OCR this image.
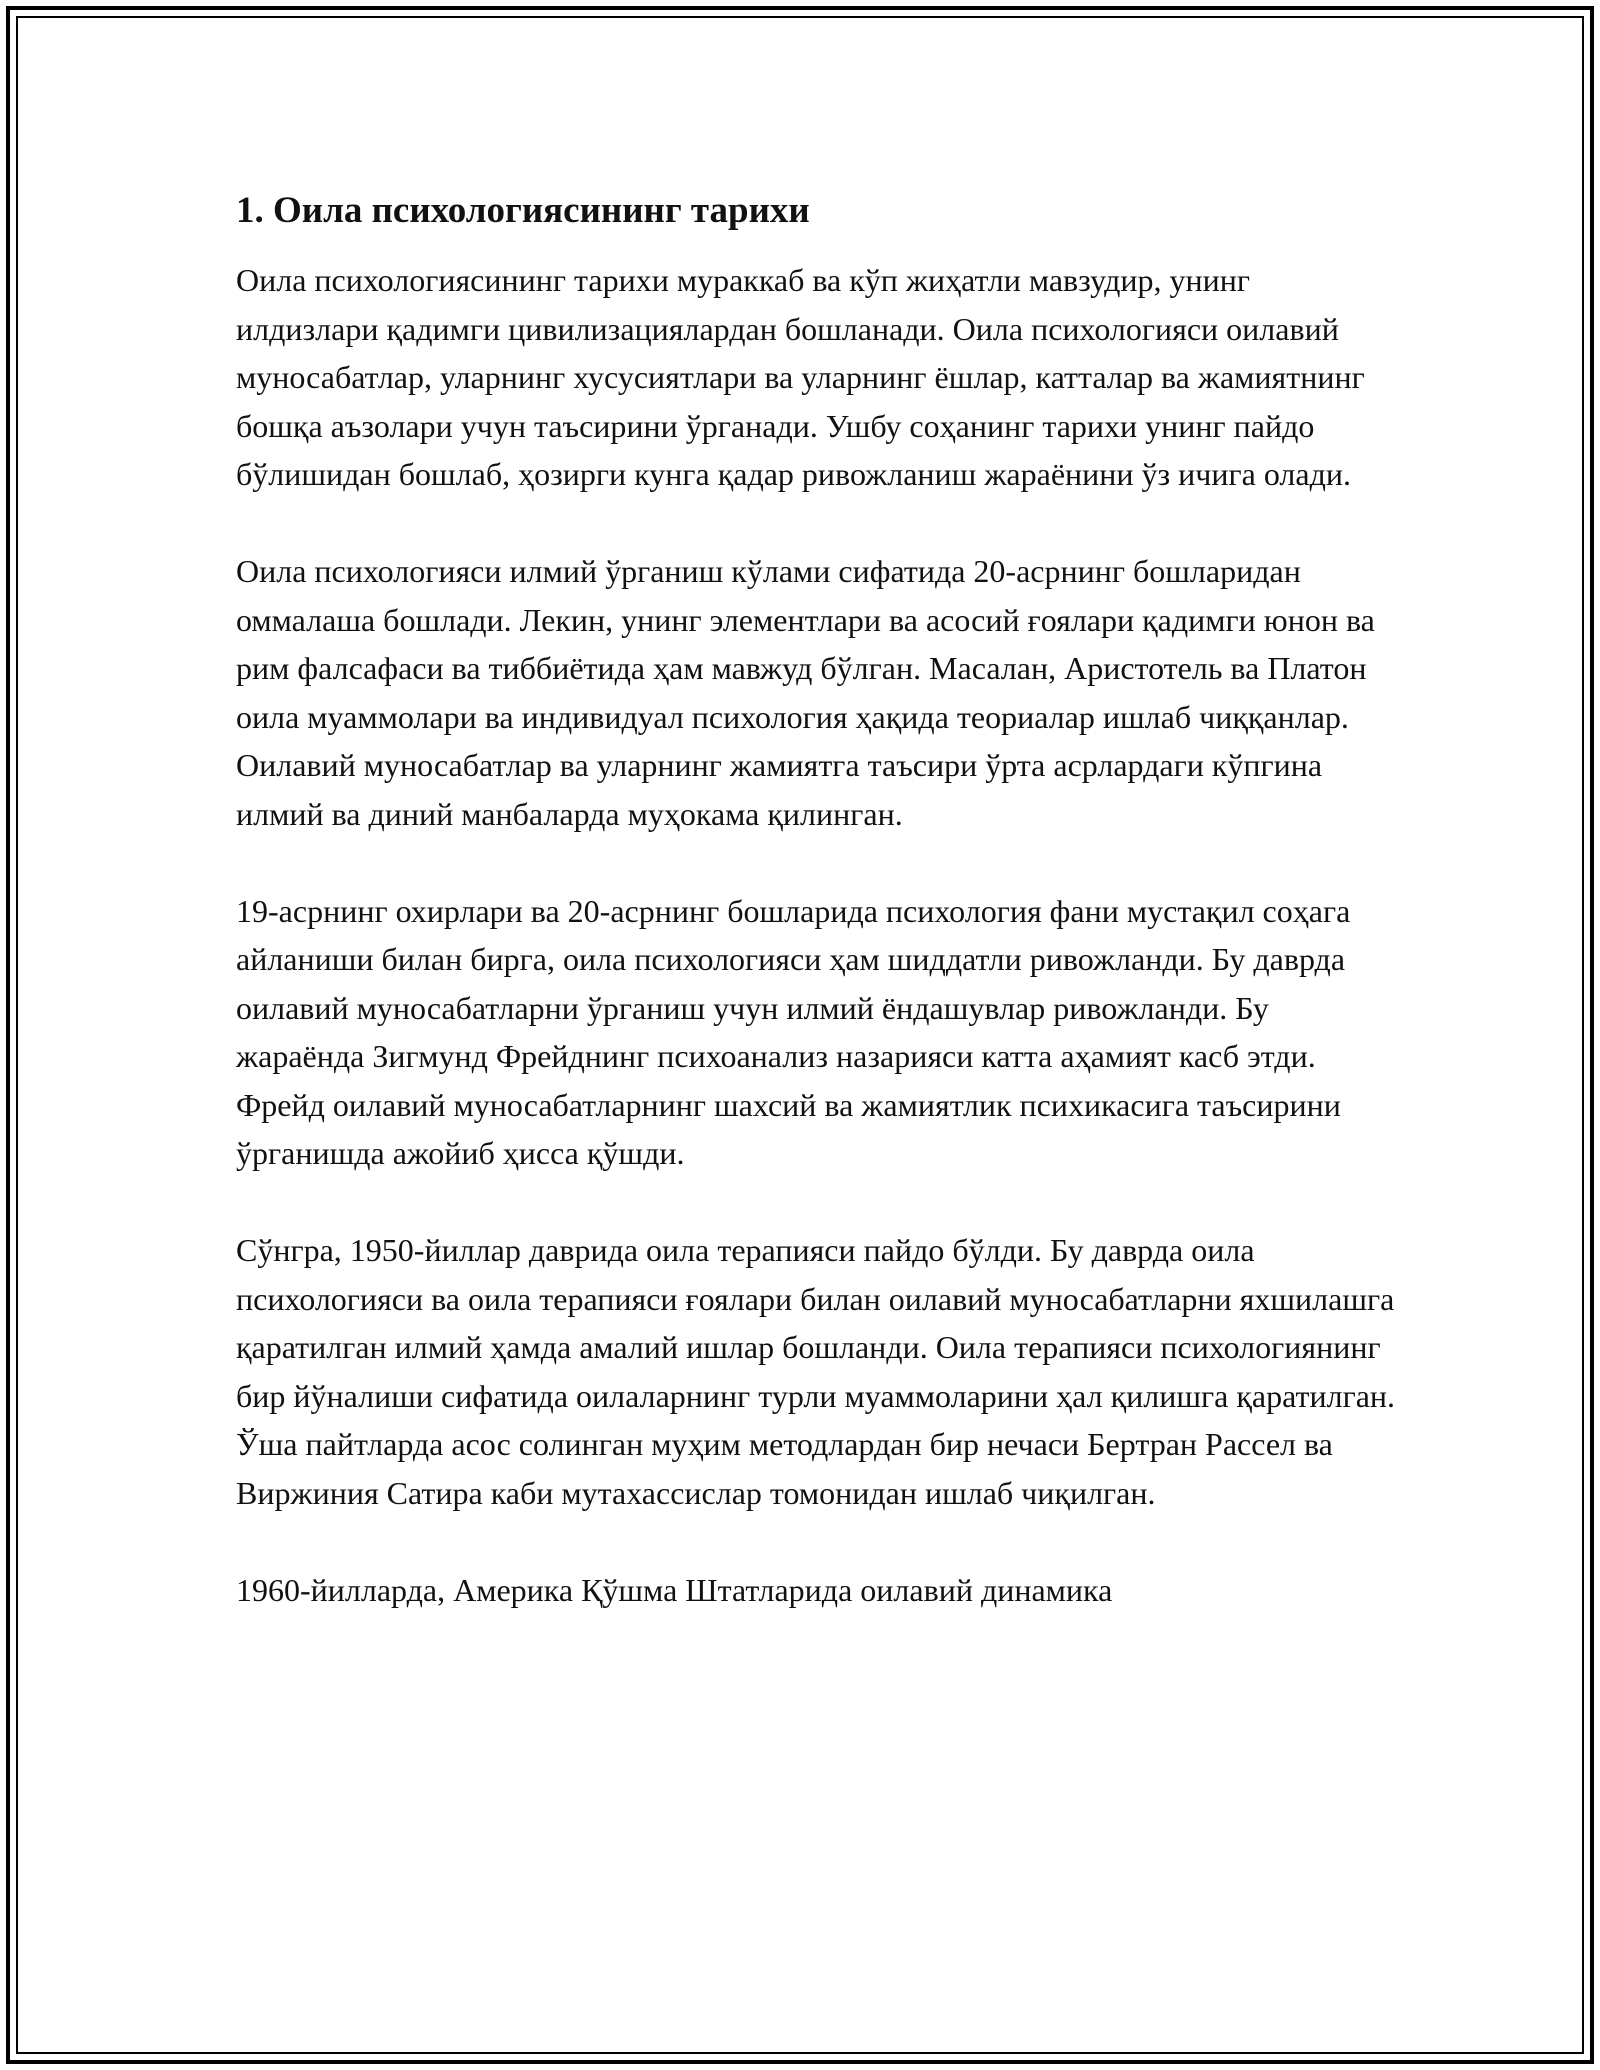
1. Оила психологиясининг тарихи

Оила психологиясининг тарихи мураккаб ва кўп жиҳатли мавзудир, унинг илдизлари қадимги цивилизациялардан бошланади. Оила психологияси оилавий муносабатлар, уларнинг хусусиятлари ва уларнинг ёшлар, катталар ва жамиятнинг бошқа аъзолари учун таъсирини ўрганади. Ушбу соҳанинг тарихи унинг пайдо бўлишидан бошлаб, ҳозирги кунга қадар ривожланиш жараёнини ўз ичига олади.

Оила психологияси илмий ўрганиш кўлами сифатида 20-асрнинг бошларидан оммалаша бошлади. Лекин, унинг элементлари ва асосий ғоялари қадимги юнон ва рим фалсафаси ва тиббиётида ҳам мавжуд бўлган. Масалан, Аристотель ва Платон оила муаммолари ва индивидуал психология ҳақида теориалар ишлаб чиққанлар. Оилавий муносабатлар ва уларнинг жамиятга таъсири ўрта асрлардаги кўпгина илмий ва диний манбаларда муҳокама қилинган.

19-асрнинг охирлари ва 20-асрнинг бошларида психология фани мустақил соҳага айланиши билан бирга, оила психологияси ҳам шиддатли ривожланди. Бу даврда оилавий муносабатларни ўрганиш учун илмий ёндашувлар ривожланди. Бу жараёнда Зигмунд Фрейднинг психоанализ назарияси катта аҳамият касб этди. Фрейд оилавий муносабатларнинг шахсий ва жамиятлик психикасига таъсирини ўрганишда ажойиб ҳисса қўшди.

Сўнгра, 1950-йиллар даврида оила терапияси пайдо бўлди. Бу даврда оила психологияси ва оила терапияси ғоялари билан оилавий муносабатларни яхшилашга қаратилган илмий ҳамда амалий ишлар бошланди. Оила терапияси психологиянинг бир йўналиши сифатида оилаларнинг турли муаммоларини ҳал қилишга қаратилган. Ўша пайтларда асос солинган муҳим методлардан бир нечаси Бертран Рассел ва Виржиния Сатира каби мутахассислар томонидан ишлаб чиқилган.

1960-йилларда, Америка Қўшма Штатларида оилавий динамика
